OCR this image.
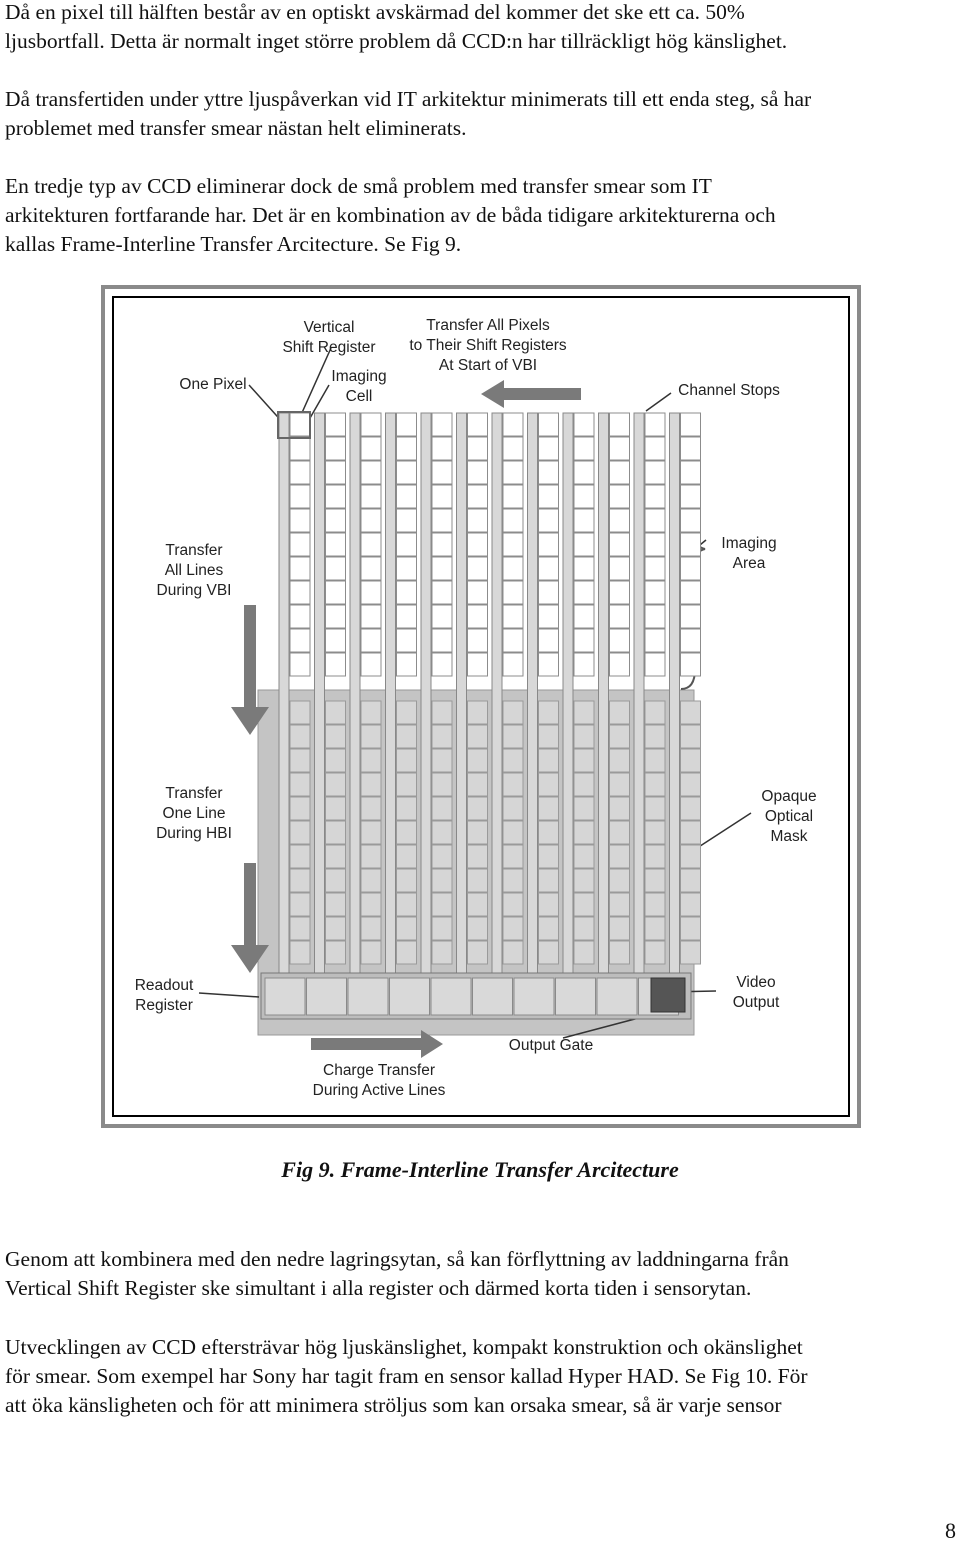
Då en pixel till hälften består av en optiskt avskärmad del kommer det ske ett ca. 50%
ljusbortfall. Detta är normalt inget större problem då CCD:n har tillräckligt hög känslighet.
Då transfertiden under yttre ljuspåverkan vid IT arkitektur minimerats till ett enda steg, så har
problemet med transfer smear nästan helt eliminerats.
En tredje typ av CCD eliminerar dock de små problem med transfer smear som IT
arkitekturen fortfarande har. Det är en kombination av de båda tidigare arkitekturerna och
kallas Frame-Interline Transfer Arcitecture. Se Fig 9.
Vertical Shift Register
Transfer All Pixels to Their Shift Registers At Start of VBI
One Pixel	Imaging Cell	Channel Stops
Transfer All Lines During VBI
Imaging Area
Transfer One Line During HBI
Opaque Optical Mask
Readout Register
Video Output
Output Gate
Charge Transfer During Active Lines

Fig 9. Frame-Interline Transfer Arcitecture

Genom att kombinera med den nedre lagringsytan, så kan förflyttning av laddningarna från
Vertical Shift Register ske simultant i alla register och därmed korta tiden i sensorytan.
Utvecklingen av CCD eftersträvar hög ljuskänslighet, kompakt konstruktion och okänslighet
för smear. Som exempel har Sony har tagit fram en sensor kallad Hyper HAD. Se Fig 10. För
att öka känsligheten och för att minimera ströljus som kan orsaka smear, så är varje sensor
8
